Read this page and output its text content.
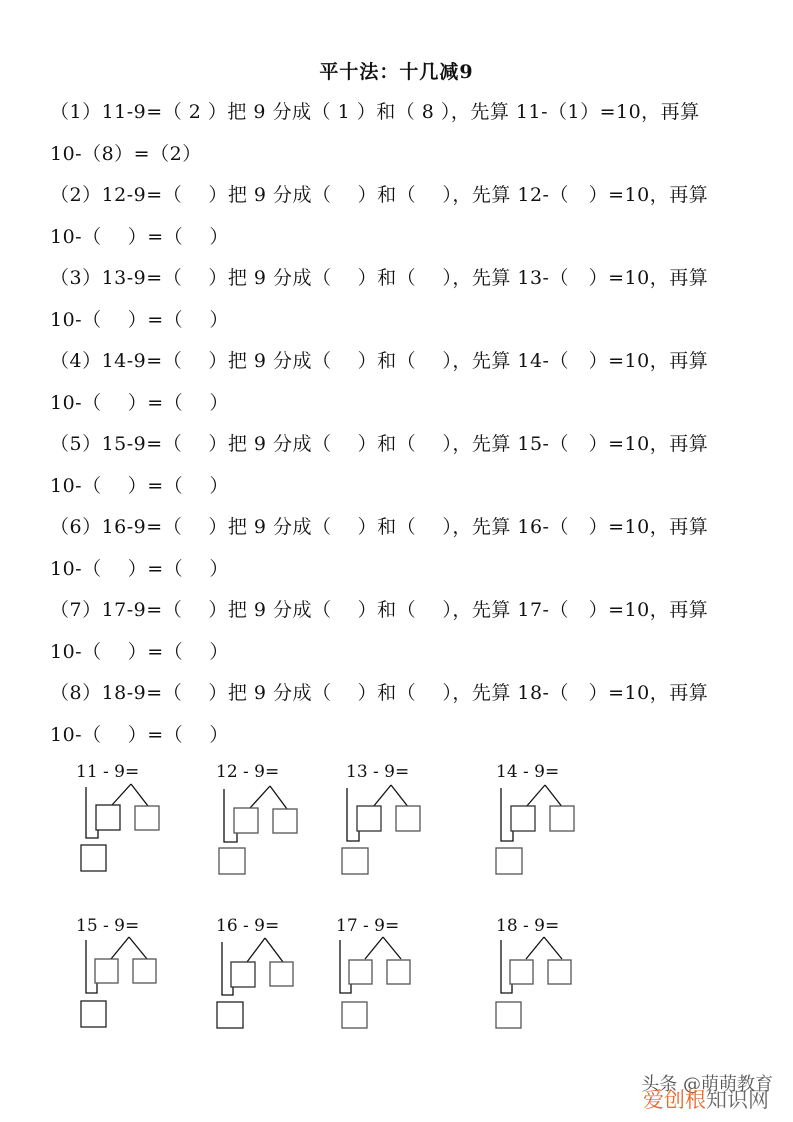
平十法：十几减9
（1）11-9=（ 2 ）把 9 分成（ 1 ）和（ 8 ），先算 11-（1）=10，再算
10-（8）=（2）
（2）12-9=（    ）把 9 分成（    ）和（    ），先算 12-（   ）=10，再算
10-（    ）=（    ）
（3）13-9=（    ）把 9 分成（    ）和（    ），先算 13-（   ）=10，再算
10-（    ）=（    ）
（4）14-9=（    ）把 9 分成（    ）和（    ），先算 14-（   ）=10，再算
10-（    ）=（    ）
（5）15-9=（    ）把 9 分成（    ）和（    ），先算 15-（   ）=10，再算
10-（    ）=（    ）
（6）16-9=（    ）把 9 分成（    ）和（    ），先算 16-（   ）=10，再算
10-（    ）=（    ）
（7）17-9=（    ）把 9 分成（    ）和（    ），先算 17-（   ）=10，再算
10-（    ）=（    ）
（8）18-9=（    ）把 9 分成（    ）和（    ），先算 18-（   ）=10，再算
10-（    ）=（    ）
11 - 9=	12 - 9=	13 - 9=	14 - 9=
15 - 9=	16 - 9=	17 - 9=	18 - 9=
头条 @萌萌教育
爱创根知识网
